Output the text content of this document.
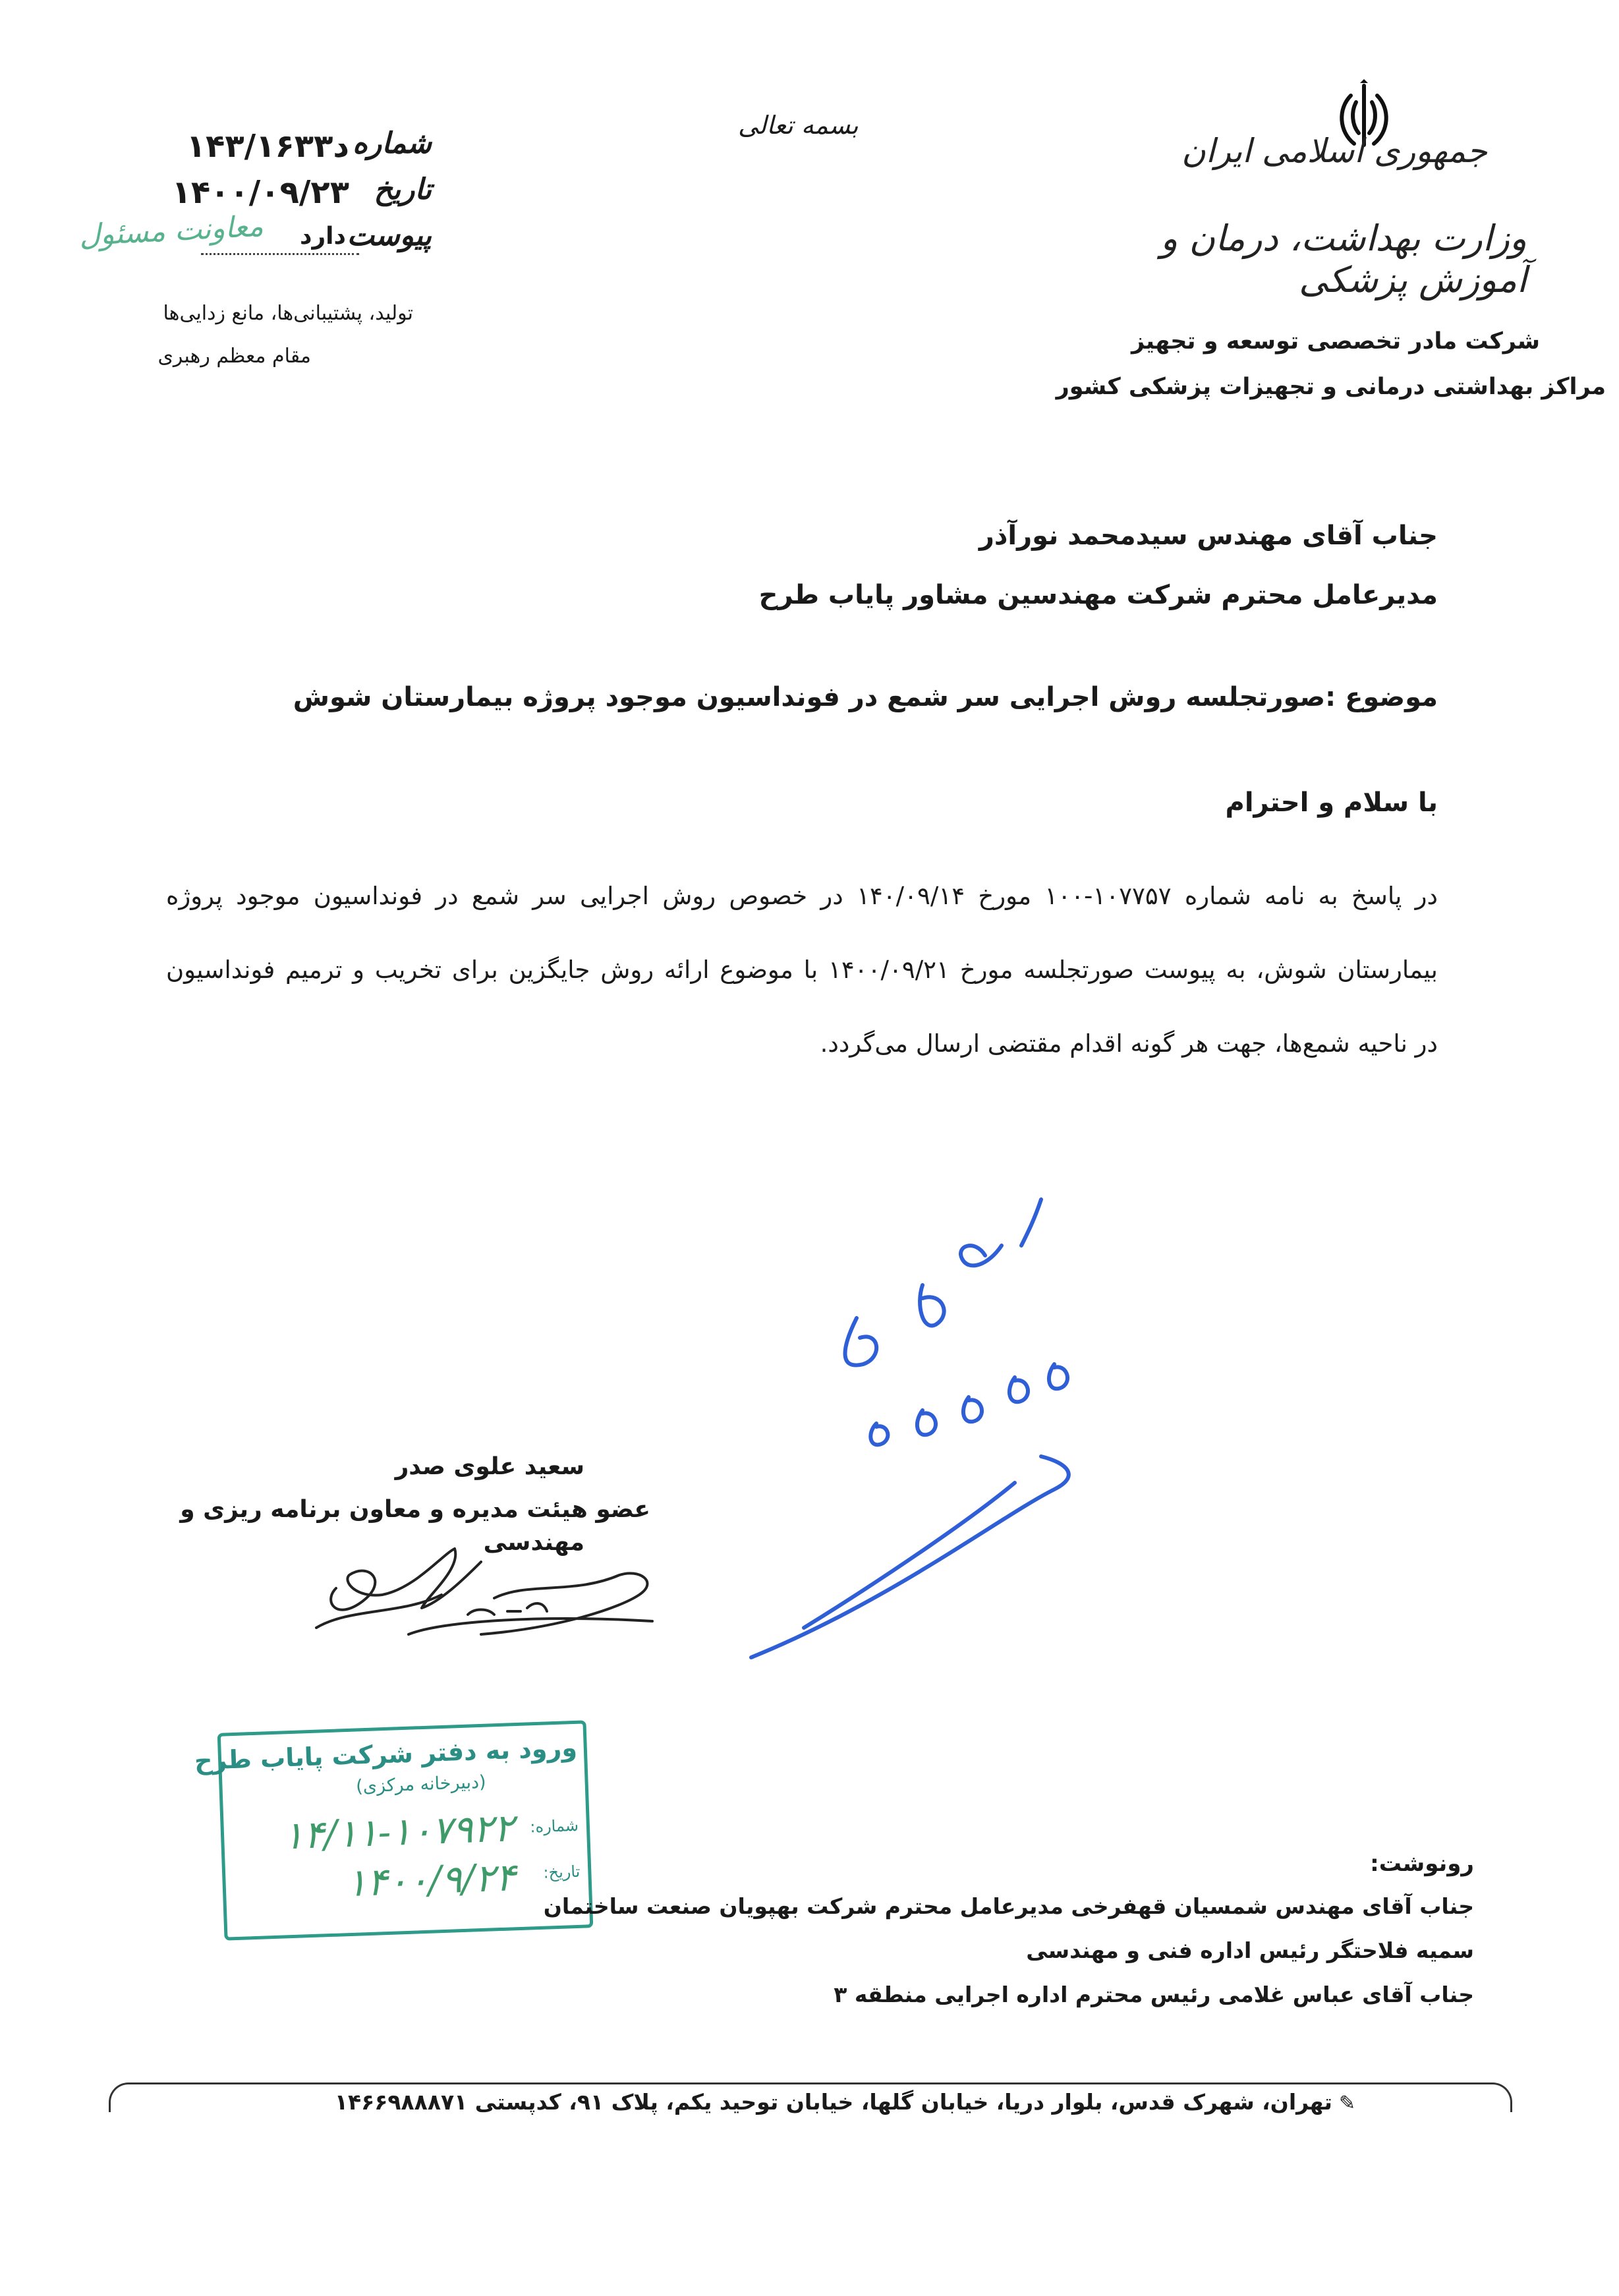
جمهوری اسلامی ایران
وزارت بهداشت، درمان و آموزش پزشکی
شرکت مادر تخصصی توسعه و تجهیز
مراکز بهداشتی درمانی و تجهیزات پزشکی کشور
بسمه تعالی
شماره
د١۴٣/١۶٣٣
تاریخ
١۴٠٠/٠٩/٢٣
پیوست
دارد
معاونت مسئول
تولید، پشتیبانی‌ها، مانع زدایی‌ها
مقام معظم رهبری
جناب آقای مهندس سیدمحمد نورآذر
مدیرعامل محترم شرکت مهندسین مشاور پایاب طرح
موضوع :صورتجلسه روش اجرایی سر شمع در فونداسیون موجود پروژه بیمارستان شوش
با سلام و احترام
در پاسخ به نامه شماره ١٠٧٧۵٧-١٠٠ مورخ ١۴٠/٠٩/١۴ در خصوص روش اجرایی سر شمع در فونداسیون موجود پروژه
بیمارستان شوش، به پیوست صورتجلسه مورخ ١۴٠٠/٠٩/٢١ با موضوع ارائه روش جایگزین برای تخریب و ترمیم فونداسیون
در ناحیه شمع‌ها، جهت هر گونه اقدام مقتضی ارسال می‌گردد.
سعید علوی صدر
عضو هیئت مدیره و معاون برنامه ریزی و
مهندسی
ورود به دفتر شرکت پایاب طرح
(دبیرخانه مرکزی)
شماره:
۱۴/۱۱-۱۰۷۹۲۲
تاریخ:
۱۴۰۰/۹/۲۴	رونوشت:
جناب آقای مهندس شمسیان قهفرخی مدیرعامل محترم شرکت بهپویان صنعت ساختمان
سمیه فلاحتگر رئیس اداره فنی و مهندسی
جناب آقای عباس غلامی رئیس محترم اداره اجرایی منطقه ٣
✎تهران، شهرک قدس، بلوار دریا، خیابان گلها، خیابان توحید یکم، پلاک ۹۱، کدپستی ۱۴۶۶۹۸۸۸۷۱
